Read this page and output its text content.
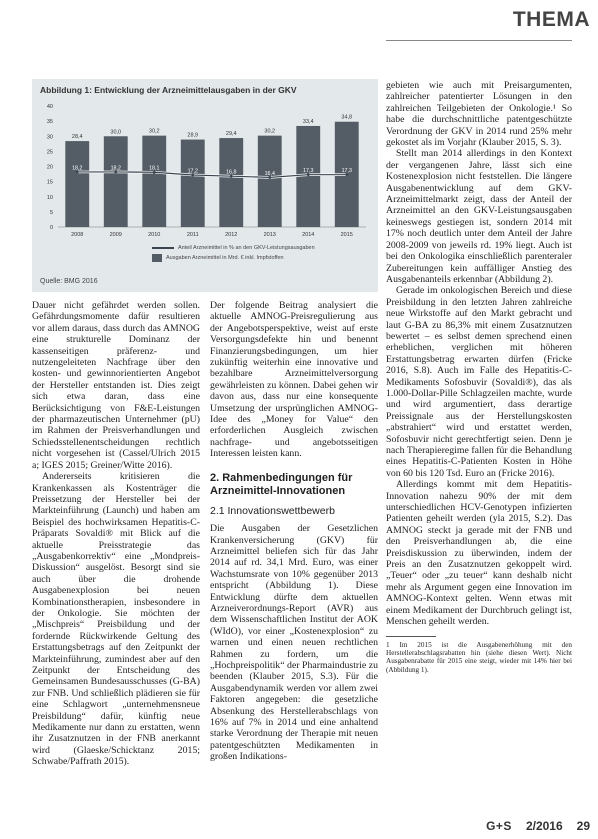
THEMA
Abbildung 1: Entwicklung der Arzneimittelausgaben in der GKV
0
5
10
15
20
25
30
35
40
28,4
2008
30,0
2009
30,2
2010
28,9
2011
29,4
2012
30,2
2013
33,4
2014
34,8
2015
18,2	18,2	18,1	17,2	16,8	16,4	17,3	17,3
Anteil Arzneimittel in % an den GKV-Leistungsausgaben
Ausgaben Arzneimittel in Mrd. € inkl. Impfstoffen
Quelle: BMG 2016

Dauer nicht gefährdet werden sollen. Gefährdungsmomente dafür resultieren vor allem daraus, dass durch das AMNOG eine strukturelle Dominanz der kassenseitigen präferenz- und nutzengeleiteten Nachfrage über den kosten- und gewinnorientierten Angebot der Hersteller entstanden ist. Dies zeigt sich etwa daran, dass eine Berücksichtigung von F&E-Leistungen der pharmazeutischen Unternehmer (pU) im Rahmen der Preisverhandlungen und Schiedsstellenentscheidungen rechtlich nicht vorgesehen ist (Cassel/Ulrich 2015 a; IGES 2015; Greiner/Witte 2016).

Andererseits kritisieren die Krankenkassen als Kostenträger die Preissetzung der Hersteller bei der Markteinführung (Launch) und haben am Beispiel des hochwirksamen Hepatitis-C-Präparats Sovaldi® mit Blick auf die aktuelle Preisstrategie das „Ausgabenkorrektiv“ eine „Mondpreis-Diskussion“ ausgelöst. Besorgt sind sie auch über die drohende Ausgabenexplosion bei neuen Kombinationstherapien, insbesondere in der Onkologie. Sie möchten der „Mischpreis“ Preisbildung und der fordernde Rückwirkende Geltung des Erstattungsbetrags auf den Zeitpunkt der Markteinführung, zumindest aber auf den Zeitpunkt der Entscheidung des Gemeinsamen Bundesausschusses (G-BA) zur FNB. Und schließlich plädieren sie für eine Schlagwort „unternehmensneue Preisbildung“ dafür, künftig neue Medikamente nur dann zu erstatten, wenn ihr Zusatznutzen in der FNB anerkannt wird (Glaeske/Schicktanz 2015; Schwabe/Paffrath 2015).

Der folgende Beitrag analysiert die aktuelle AMNOG-Preisregulierung aus der Angebotsperspektive, weist auf erste Versorgungsdefekte hin und benennt Finanzierungsbedingungen, um hier zukünftig weiterhin eine innovative und bezahlbare Arzneimittelversorgung gewährleisten zu können. Dabei gehen wir davon aus, dass nur eine konsequente Umsetzung der ursprünglichen AMNOG-Idee des „Money for Value“ den erforderlichen Ausgleich zwischen nachfrage- und angebotsseitigen Interessen leisten kann.

2. Rahmenbedingungen für Arzneimittel-Innovationen
2.1 Innovationswettbewerb

Die Ausgaben der Gesetzlichen Krankenversicherung (GKV) für Arzneimittel beliefen sich für das Jahr 2014 auf rd. 34,1 Mrd. Euro, was einer Wachstumsrate von 10% gegenüber 2013 entspricht (Abbildung 1). Diese Entwicklung dürfte dem aktuellen Arzneiverordnungs-Report (AVR) aus dem Wissenschaftlichen Institut der AOK (WIdO), vor einer „Kostenexplosion“ zu warnen und einen neuen rechtlichen Rahmen zu fordern, um die „Hochpreispolitik“ der Pharmaindustrie zu beenden (Klauber 2015, S.3). Für die Ausgabendynamik werden vor allem zwei Faktoren angegeben: die gesetzliche Absenkung des Herstellerabschlags von 16% auf 7% in 2014 und eine anhaltend starke Verordnung der Therapie mit neuen patentgeschützten Medikamenten in großen Indikations-

gebieten wie auch mit Preisargumenten, zahlreicher patentierter Lösungen in den zahlreichen Teilgebieten der Onkologie.¹ So habe die durchschnittliche patentgeschützte Verordnung der GKV in 2014 rund 25% mehr gekostet als im Vorjahr (Klauber 2015, S. 3).

Stellt man 2014 allerdings in den Kontext der vergangenen Jahre, lässt sich eine Kostenexplosion nicht feststellen. Die längere Ausgabenentwicklung auf dem GKV-Arzneimittelmarkt zeigt, dass der Anteil der Arzneimittel an den GKV-Leistungsausgaben keineswegs gestiegen ist, sondern 2014 mit 17% noch deutlich unter dem Anteil der Jahre 2008-2009 von jeweils rd. 19% liegt. Auch ist bei den Onkologika einschließlich parenteraler Zubereitungen kein auffälliger Anstieg des Ausgabenanteils erkennbar (Abbildung 2).

Gerade im onkologischen Bereich und diese Preisbildung in den letzten Jahren zahlreiche neue Wirkstoffe auf den Markt gebracht und laut G-BA zu 86,3% mit einem Zusatznutzen bewertet – es selbst demen sprechend einen erheblichen, verglichen mit höheren Erstattungsbetrag erwarten dürfen (Fricke 2016, S.8). Auch im Falle des Hepatitis-C-Medikaments Sofosbuvir (Sovaldi®), das als 1.000-Dollar-Pille Schlagzeilen machte, wurde und wird argumentiert, dass derartige Preissignale aus der Herstellungskosten „abstrahiert“ wird und erstattet werden, Sofosbuvir nicht gerechtfertigt seien. Denn je nach Therapieregime fallen für die Behandlung eines Hepatitis-C-Patienten Kosten in Höhe von 60 bis 120 Tsd. Euro an (Fricke 2016).

Allerdings kommt mit dem Hepatitis-Innovation nahezu 90% der mit dem unterschiedlichen HCV-Genotypen infizierten Patienten geheilt werden (yla 2015, S.2). Das AMNOG steckt ja gerade mit der FNB und den Preisverhandlungen ab, die eine Preisdiskussion zu überwinden, indem der Preis an den Zusatznutzen gekoppelt wird. „Teuer“ oder „zu teuer“ kann deshalb nicht mehr als Argument gegen eine Innovation im AMNOG-Kontext gelten. Wenn etwas mit einem Medikament der Durchbruch gelingt ist, Menschen geheilt werden.

1 Im 2015 ist die Ausgabenerhöhung mit den Herstellerabschlagsrabatten hin (siehe diesen Wert). Nicht Ausgabenrabatte für 2015 eine steigt, wieder mit 14% hier bei (Abbildung 1).

G+S 2/2016 29
